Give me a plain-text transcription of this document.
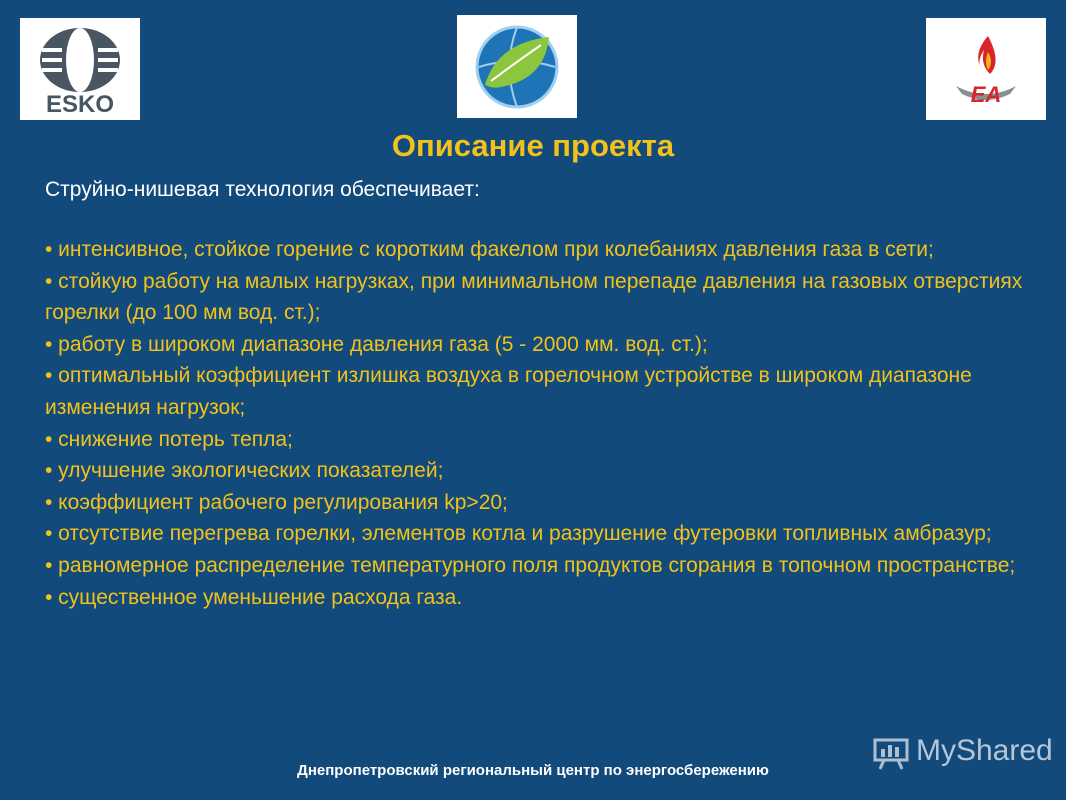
ESKO	EA
Описание проекта
Струйно-нишевая технология обеспечивает:
• интенсивное, стойкое горение с коротким факелом при колебаниях давления газа в сети;
• стойкую работу на малых нагрузках, при минимальном перепаде давления на газовых отверстиях горелки (до 100 мм вод. ст.);
• работу в широком диапазоне давления газа (5 - 2000 мм. вод. ст.);
• оптимальный коэффициент излишка воздуха в горелочном устройстве в широком диапазоне изменения нагрузок;
• снижение потерь тепла;
• улучшение экологических показателей;
• коэффициент рабочего регулирования kp>20;
• отсутствие перегрева горелки, элементов котла и разрушение футеровки топливных амбразур;
• равномерное распределение температурного поля продуктов сгорания в топочном пространстве;
• существенное уменьшение расхода газа.
Днепропетровский региональный центр по энергосбережению
MyShared
